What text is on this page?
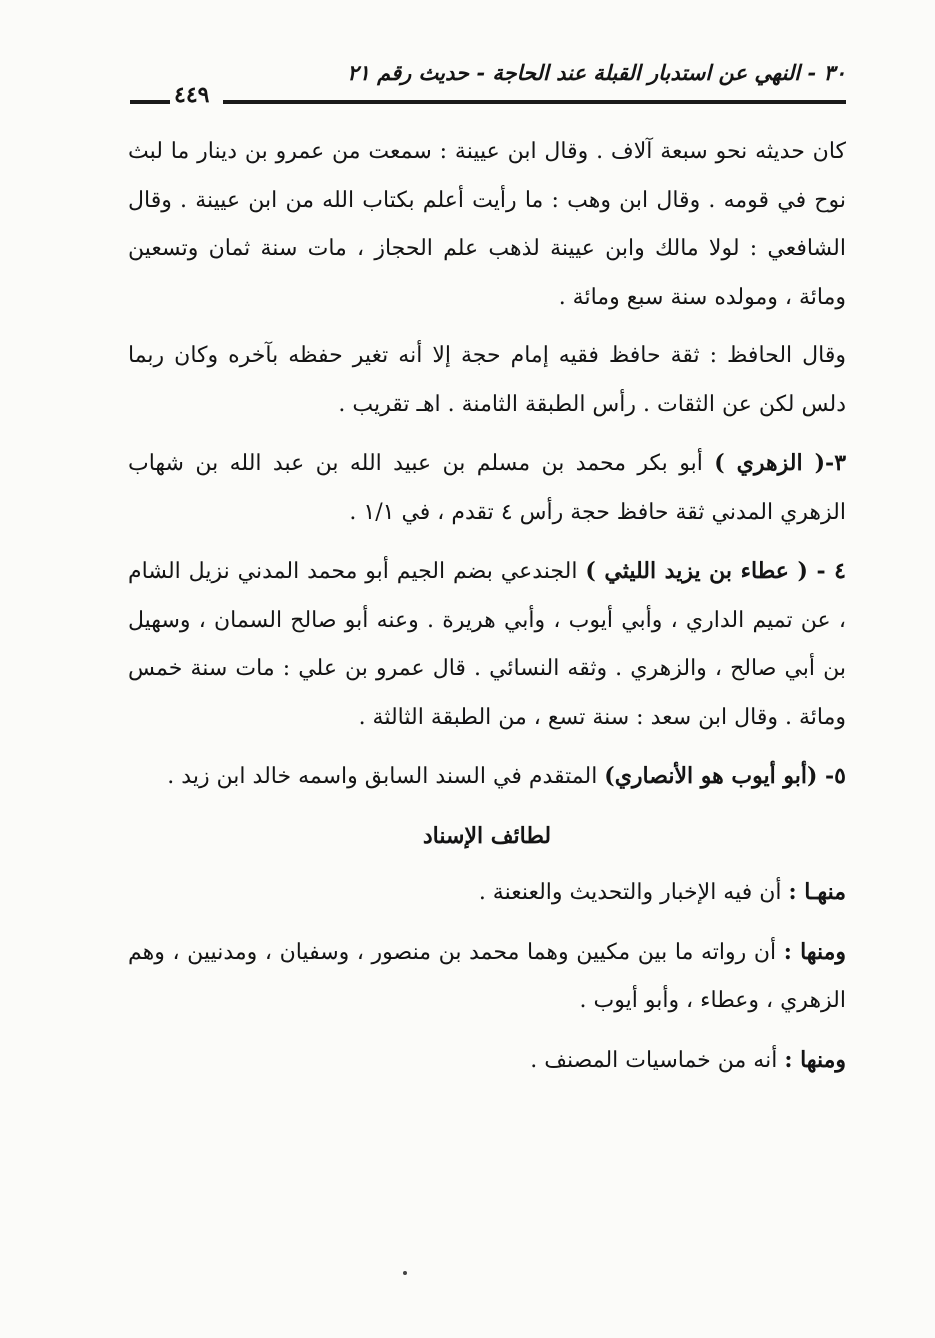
٣٠ - النهي عن استدبار القبلة عند الحاجة - حديث رقم ٢١
٤٤٩

كان حديثه نحو سبعة آلاف . وقال ابن عيينة : سمعت من عمرو بن دينار ما لبث نوح في قومه . وقال ابن وهب : ما رأيت أعلم بكتاب الله من ابن عيينة . وقال الشافعي : لولا مالك وابن عيينة لذهب علم الحجاز ، مات سنة ثمان وتسعين ومائة ، ومولده سنة سبع ومائة .

وقال الحافظ : ثقة حافظ فقيه إمام حجة إلا أنه تغير حفظه بآخره وكان ربما دلس لكن عن الثقات . رأس الطبقة الثامنة . اهـ تقريب .

٣-( الزهري ) أبو بكر محمد بن مسلم بن عبيد الله بن عبد الله بن شهاب الزهري المدني ثقة حافظ حجة رأس ٤ تقدم ، في ١/١ .

٤ - ( عطاء بن يزيد الليثي ) الجندعي بضم الجيم أبو محمد المدني نزيل الشام ، عن تميم الداري ، وأبي أيوب ، وأبي هريرة . وعنه أبو صالح السمان ، وسهيل بن أبي صالح ، والزهري . وثقه النسائي . قال عمرو بن علي : مات سنة خمس ومائة . وقال ابن سعد : سنة تسع ، من الطبقة الثالثة .

٥- (أبو أيوب هو الأنصاري) المتقدم في السند السابق واسمه خالد ابن زيد .

لطائف الإسناد

منهـا : أن فيه الإخبار والتحديث والعنعنة .

ومنها : أن رواته ما بين مكيين وهما محمد بن منصور ، وسفيان ، ومدنيين ، وهم الزهري ، وعطاء ، وأبو أيوب .

ومنها : أنه من خماسيات المصنف .
